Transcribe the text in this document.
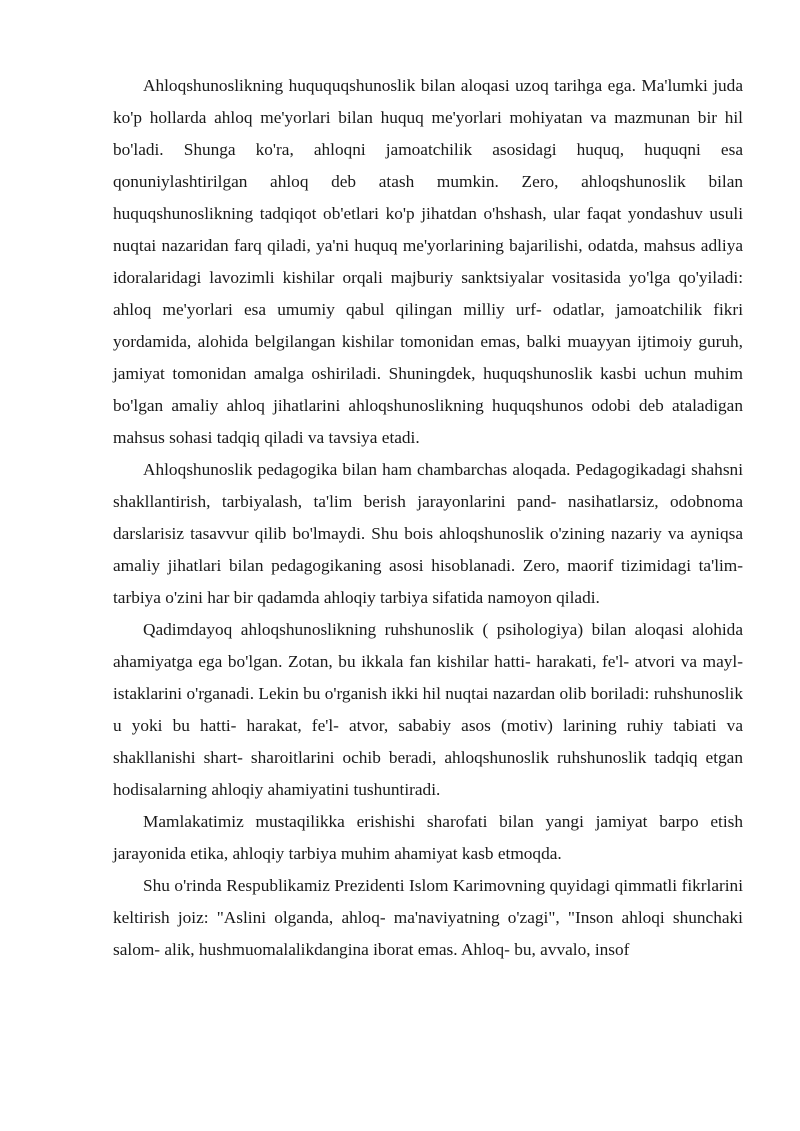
Ahloqshunoslikning huququqshunoslik bilan aloqasi uzoq tarihga ega. Ma'lumki juda ko'p hollarda ahloq me'yorlari bilan huquq me'yorlari mohiyatan va mazmunan bir hil bo'ladi. Shunga ko'ra, ahloqni jamoatchilik asosidagi huquq, huquqni esa qonuniylashtirilgan ahloq deb atash mumkin. Zero, ahloqshunoslik bilan huquqshunoslikning tadqiqot ob'etlari ko'p jihatdan o'hshash, ular faqat yondashuv usuli nuqtai nazaridan farq qiladi, ya'ni huquq me'yorlarining bajarilishi, odatda, mahsus adliya idoralaridagi lavozimli kishilar orqali majburiy sanktsiyalar vositasida yo'lga qo'yiladi: ahloq me'yorlari esa umumiy qabul qilingan milliy urf- odatlar, jamoatchilik fikri yordamida, alohida belgilangan kishilar tomonidan emas, balki muayyan ijtimoiy guruh, jamiyat tomonidan amalga oshiriladi. Shuningdek, huquqshunoslik kasbi uchun muhim bo'lgan amaliy ahloq jihatlarini ahloqshunoslikning huquqshunos odobi deb ataladigan mahsus sohasi tadqiq qiladi va tavsiya etadi.

Ahloqshunoslik pedagogika bilan ham chambarchas aloqada. Pedagogikadagi shahsni shakllantirish, tarbiyalash, ta'lim berish jarayonlarini pand- nasihatlarsiz, odobnoma darslarisiz tasavvur qilib bo'lmaydi. Shu bois ahloqshunoslik o'zining nazariy va ayniqsa amaliy jihatlari bilan pedagogikaning asosi hisoblanadi. Zero, maorif tizimidagi ta'lim- tarbiya o'zini har bir qadamda ahloqiy tarbiya sifatida namoyon qiladi.

Qadimdayoq ahloqshunoslikning ruhshunoslik ( psihologiya) bilan aloqasi alohida ahamiyatga ega bo'lgan. Zotan, bu ikkala fan kishilar hatti- harakati, fe'l- atvori va mayl- istaklarini o'rganadi. Lekin bu o'rganish ikki hil nuqtai nazardan olib boriladi: ruhshunoslik u yoki bu hatti- harakat, fe'l- atvor, sababiy asos (motiv) larining ruhiy tabiati va shakllanishi shart- sharoitlarini ochib beradi, ahloqshunoslik ruhshunoslik tadqiq etgan hodisalarning ahloqiy ahamiyatini tushuntiradi.

Mamlakatimiz mustaqilikka erishishi sharofati bilan yangi jamiyat barpo etish jarayonida etika, ahloqiy tarbiya muhim ahamiyat kasb etmoqda.

Shu o'rinda Respublikamiz Prezidenti Islom Karimovning quyidagi qimmatli fikrlarini keltirish joiz: "Aslini olganda, ahloq- ma'naviyatning o'zagi", "Inson ahloqi shunchaki salom- alik, hushmuomalalikdangina iborat emas. Ahloq- bu, avvalo, insof
